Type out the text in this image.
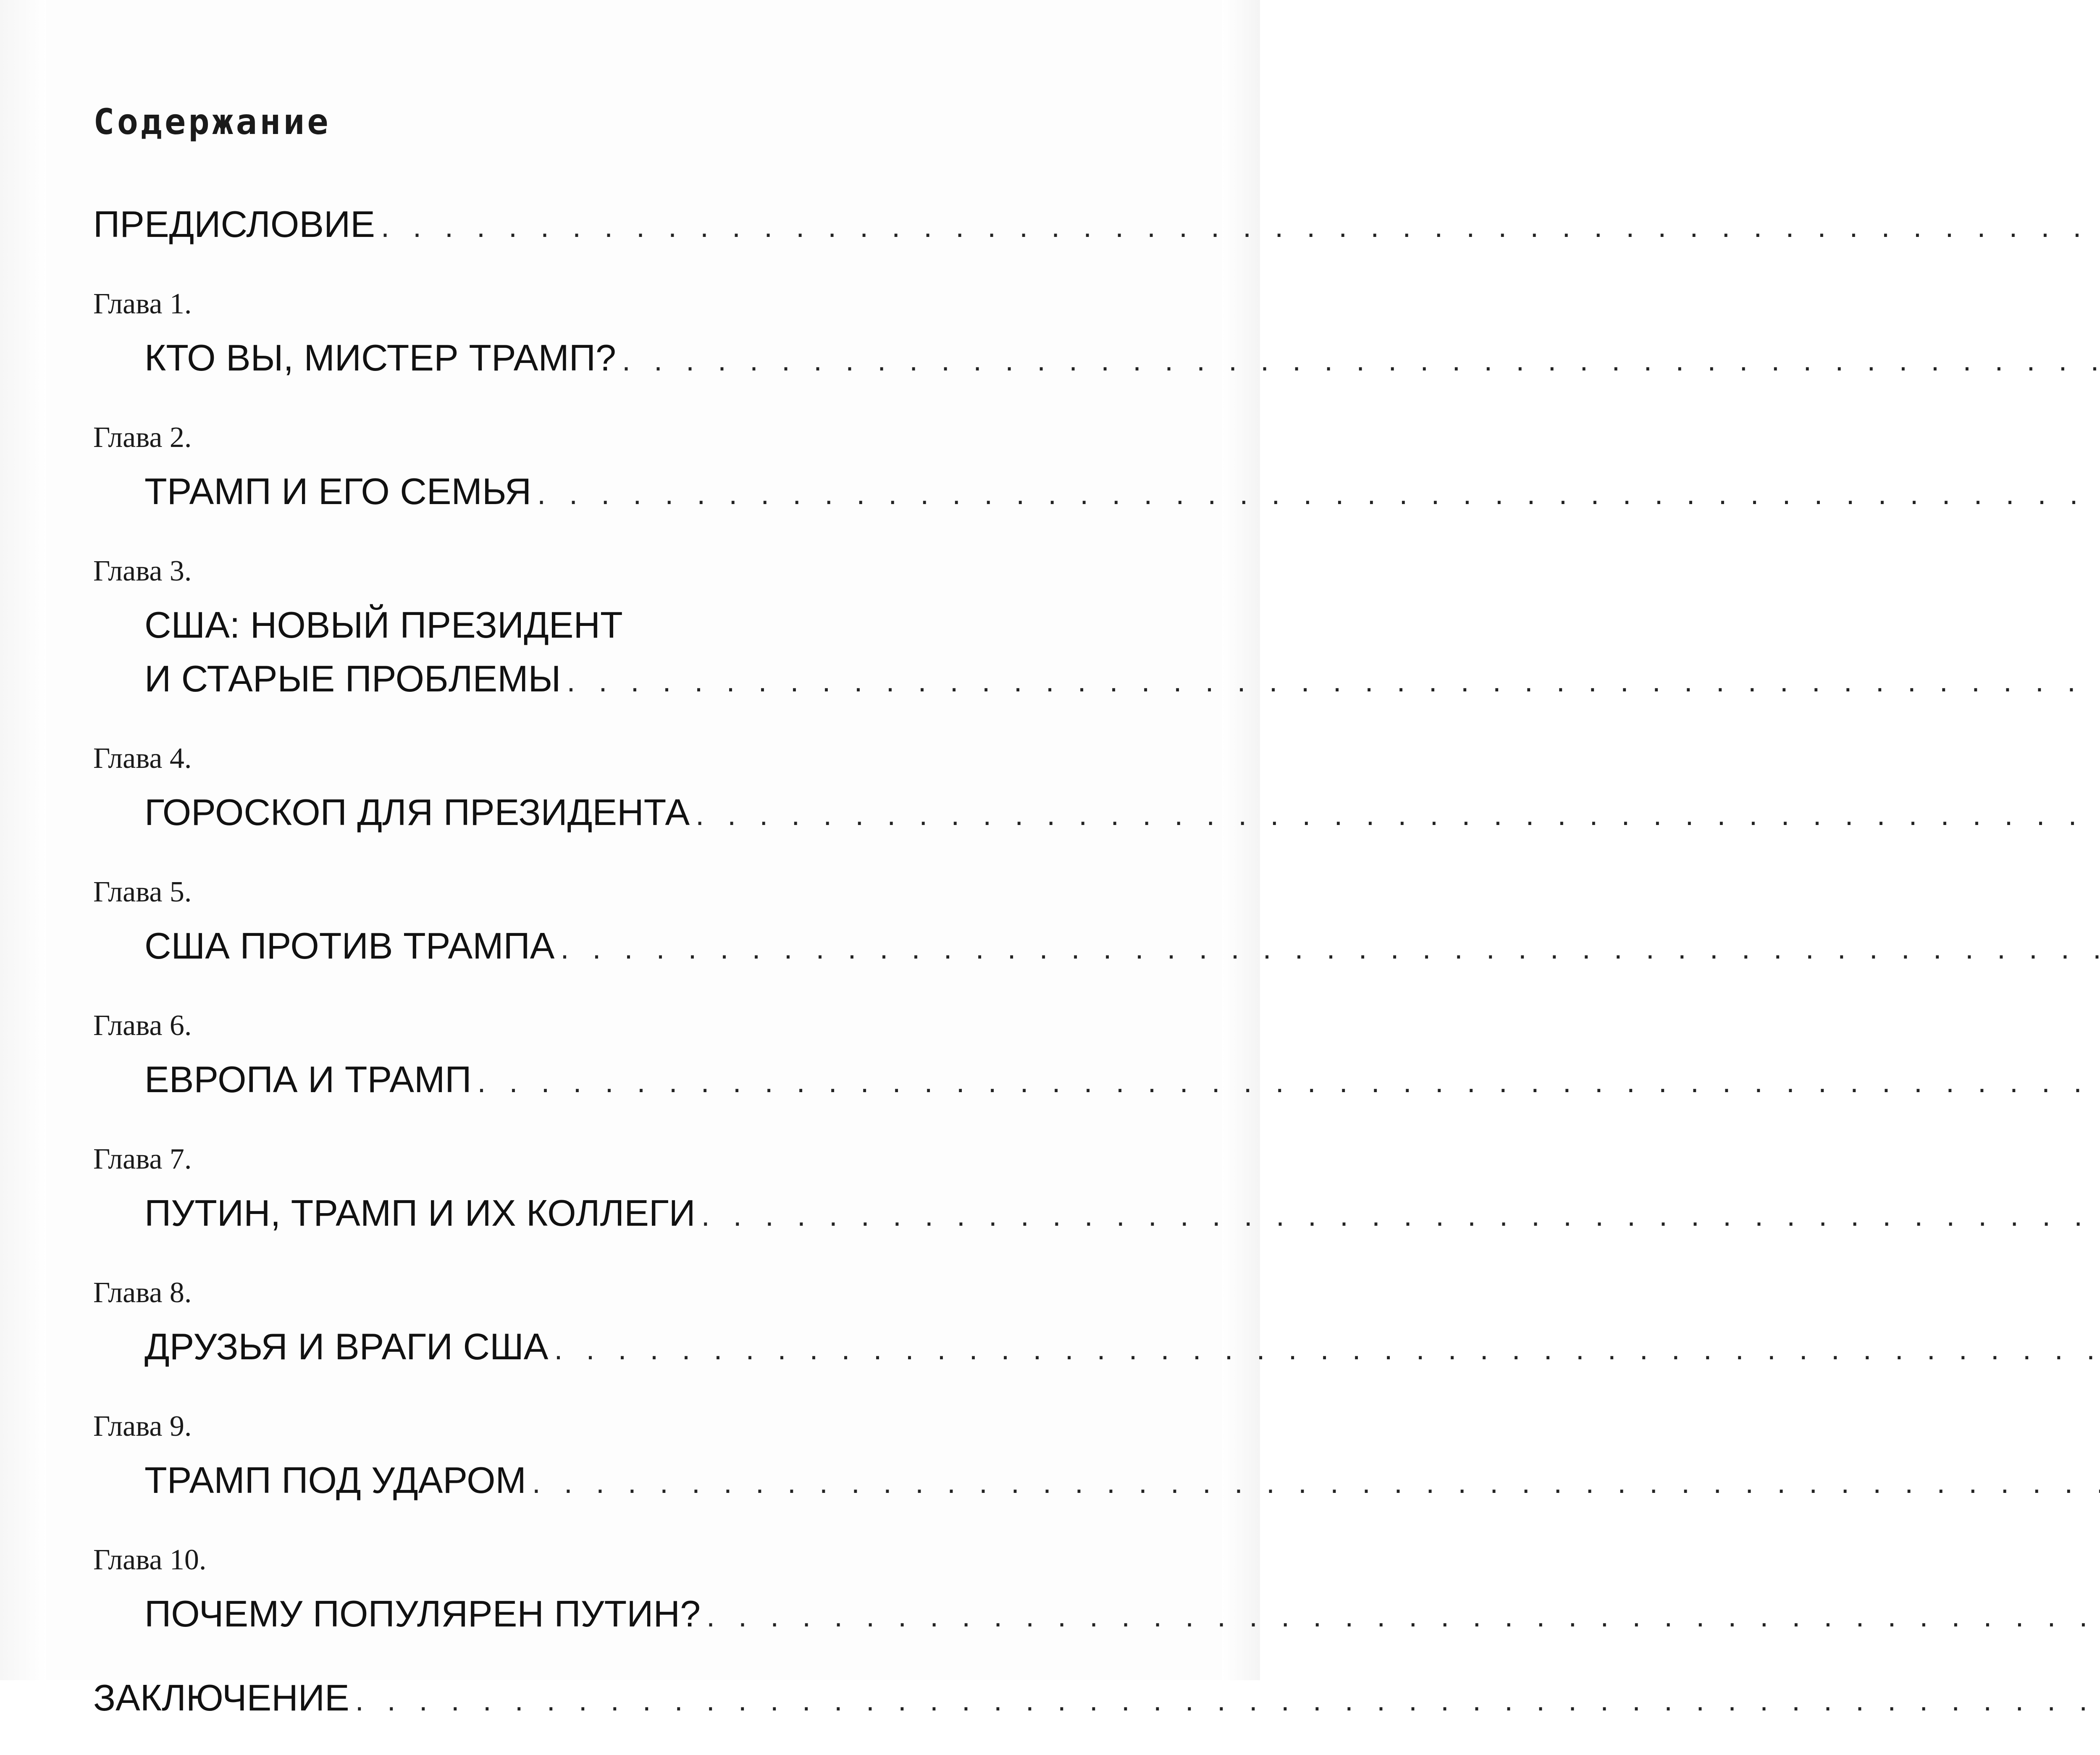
Содержание
ПРЕДИСЛОВИЕ
. . .
Глава 1.
КТО ВЫ, МИСТЕР ТРАМП?
. . .
Глава 2.
ТРАМП И ЕГО СЕМЬЯ
. . .
Глава 3.
США: НОВЫЙ ПРЕЗИДЕНТ
И СТАРЫЕ ПРОБЛЕМЫ
. . .
Глава 4.
ГОРОСКОП ДЛЯ ПРЕЗИДЕНТА
. . .
Глава 5.
США ПРОТИВ ТРАМПА
. . .
Глава 6.
ЕВРОПА И ТРАМП
. . .
Глава 7.
ПУТИН, ТРАМП И ИХ КОЛЛЕГИ
. . .
Глава 8.
ДРУЗЬЯ И ВРАГИ США
. . .
Глава 9.
ТРАМП ПОД УДАРОМ
. . .
Глава 10.
ПОЧЕМУ ПОПУЛЯРЕН ПУТИН?
. . .
ЗАКЛЮЧЕНИЕ
. . .
